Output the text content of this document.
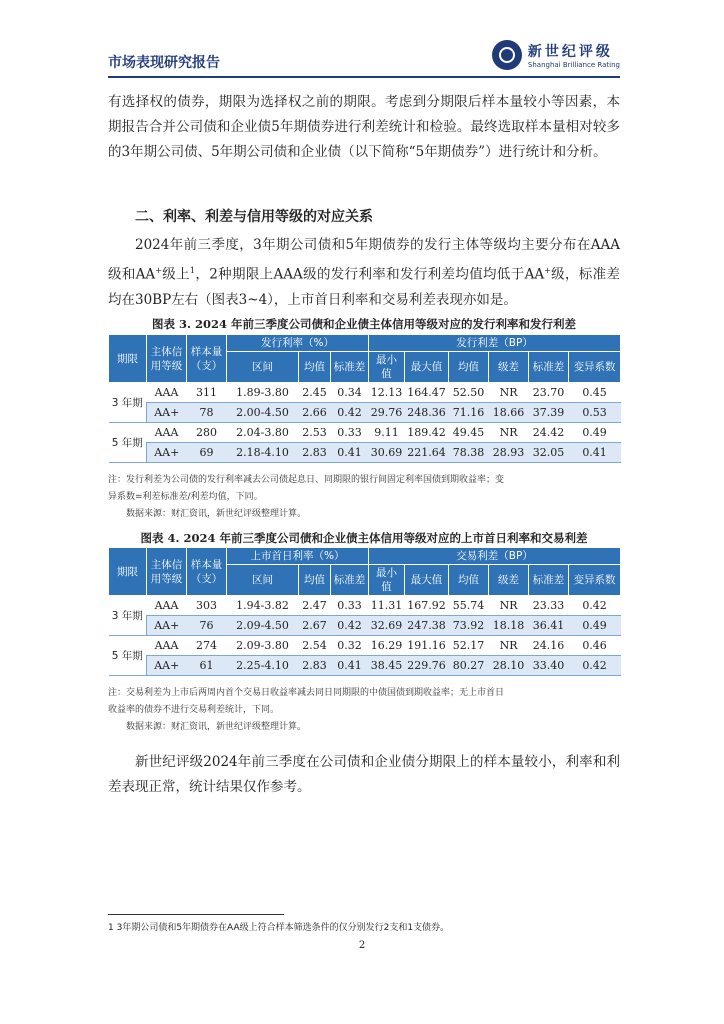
市场表现研究报告
新世纪评级
Shanghai Brilliance Rating
有选择权的债券，期限为选择权之前的期限。考虑到分期限后样本量较小等因素，本期报告合并公司债和企业债5年期债券进行利差统计和检验。最终选取样本量相对较多的3年期公司债、5年期公司债和企业债（以下简称“5年期债券”）进行统计和分析。
二、利率、利差与信用等级的对应关系
2024年前三季度，3年期公司债和5年期债券的发行主体等级均主要分布在AAA级和AA+级上$^1$，2种期限上AAA级的发行利率和发行利差均值均低于AA+级，标准差均在30BP左右（图表3~4），上市首日利率和交易利差表现亦如是。
图表 3. 2024 年前三季度公司债和企业债主体信用等级对应的发行利率和发行利差
期限	主体信用等级	样本量（支）	发行利率（%）			发行利差（BP）					
			区间	均值	标准差	最小值	最大值	均值	级差	标准差	变异系数
3 年期	AAA	311	1.89-3.80	2.45	0.34	12.13	164.47	52.50	NR	23.70	0.45
	AA+	78	2.00-4.50	2.66	0.42	29.76	248.36	71.16	18.66	37.39	0.53
5 年期	AAA	280	2.04-3.80	2.53	0.33	9.11	189.42	49.45	NR	24.42	0.49
	AA+	69	2.18-4.10	2.83	0.41	30.69	221.64	78.38	28.93	32.05	0.41
注：发行利差为公司债的发行利率减去公司债起息日、同期限的银行间固定利率国债到期收益率；变
异系数=利差标准差/利差均值，下同。
数据来源：财汇资讯，新世纪评级整理计算。
图表 4. 2024 年前三季度公司债和企业债主体信用等级对应的上市首日利率和交易利差
期限	主体信用等级	样本量（支）	上市首日利率（%）			交易利差（BP）					
			区间	均值	标准差	最小值	最大值	均值	级差	标准差	变异系数
3 年期	AAA	303	1.94-3.82	2.47	0.33	11.31	167.92	55.74	NR	23.33	0.42
	AA+	76	2.09-4.50	2.67	0.42	32.69	247.38	73.92	18.18	36.41	0.49
5 年期	AAA	274	2.09-3.80	2.54	0.32	16.29	191.16	52.17	NR	24.16	0.46
	AA+	61	2.25-4.10	2.83	0.41	38.45	229.76	80.27	28.10	33.40	0.42
注：交易利差为上市后两周内首个交易日收益率减去同日同期限的中债国债到期收益率；无上市首日
收益率的债券不进行交易利差统计，下同。
数据来源：财汇资讯，新世纪评级整理计算。
新世纪评级2024年前三季度在公司债和企业债分期限上的样本量较小，利率和利差表现正常，统计结果仅作参考。
1 3年期公司债和5年期债券在AA级上符合样本筛选条件的仅分别发行2支和1支债券。
2
